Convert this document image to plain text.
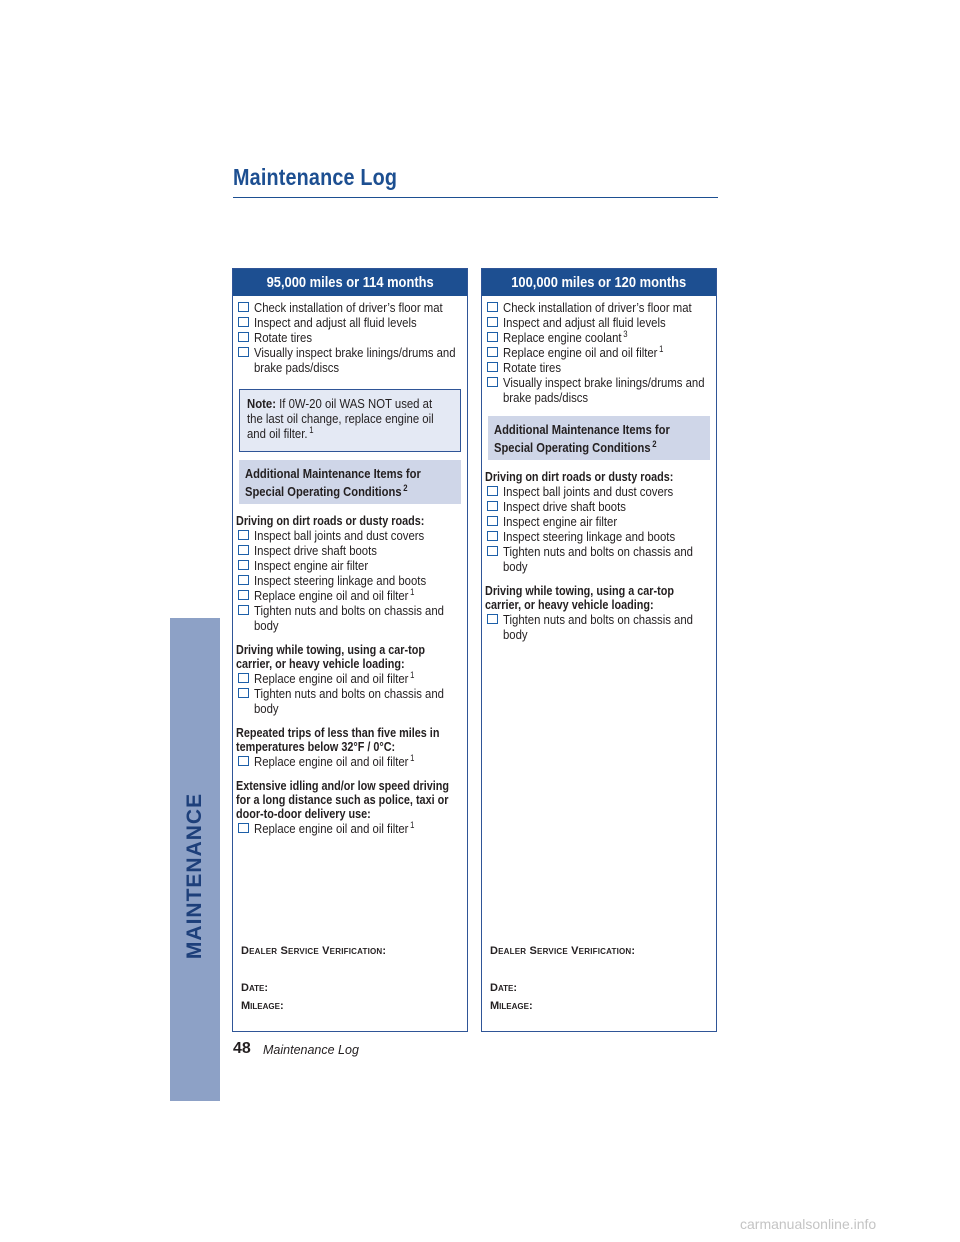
Maintenance Log
MAINTENANCE
95,000 miles or 114 months
Check installation of driver’s floor mat
Inspect and adjust all fluid levels
Rotate tires
Visually inspect brake linings/drums and
brake pads/discs
Note: If 0W-20 oil WAS NOT used at
the last oil change, replace engine oil
and oil filter. $^1$
Additional Maintenance Items for
Special Operating Conditions $^2$
Driving on dirt roads or dusty roads:
Inspect ball joints and dust covers
Inspect drive shaft boots
Inspect engine air filter
Inspect steering linkage and boots
Replace engine oil and oil filter $^1$
Tighten nuts and bolts on chassis and
body
Driving while towing, using a car-top
carrier, or heavy vehicle loading:
Replace engine oil and oil filter $^1$
Tighten nuts and bolts on chassis and
body
Repeated trips of less than five miles in
temperatures below 32°F / 0°C:
Replace engine oil and oil filter $^1$
Extensive idling and/or low speed driving
for a long distance such as police, taxi or
door-to-door delivery use:
Replace engine oil and oil filter $^1$
Dealer Service Verification:
Date:
Mileage:
100,000 miles or 120 months
Check installation of driver’s floor mat
Inspect and adjust all fluid levels
Replace engine coolant $^3$
Replace engine oil and oil filter $^1$
Rotate tires
Visually inspect brake linings/drums and
brake pads/discs
Additional Maintenance Items for
Special Operating Conditions $^2$
Driving on dirt roads or dusty roads:
Inspect ball joints and dust covers
Inspect drive shaft boots
Inspect engine air filter
Inspect steering linkage and boots
Tighten nuts and bolts on chassis and
body
Driving while towing, using a car-top
carrier, or heavy vehicle loading:
Tighten nuts and bolts on chassis and
body
Dealer Service Verification:
Date:
Mileage:
48 Maintenance Log
carmanualsonline.info
